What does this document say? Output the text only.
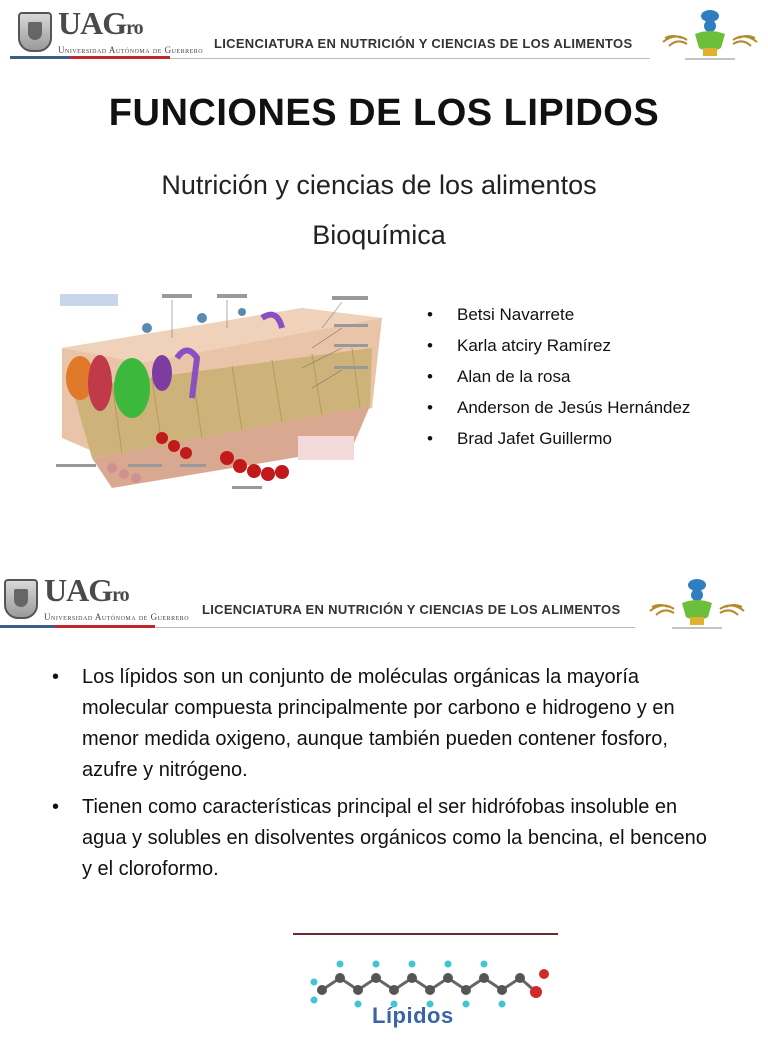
UAGro
Universidad Autónoma de Guerrero LICENCIATURA EN NUTRICIÓN Y CIENCIAS DE LOS ALIMENTOS
FUNCIONES DE LOS LIPIDOS
Nutrición y ciencias de los alimentos
Bioquímica
• Betsi Navarrete
• Karla atciry Ramírez
• Alan de la rosa
• Anderson de Jesús Hernández
• Brad Jafet Guillermo
UAGro
Universidad Autónoma de Guerrero LICENCIATURA EN NUTRICIÓN Y CIENCIAS DE LOS ALIMENTOS
• Los lípidos son un conjunto de moléculas orgánicas la mayoría molecular compuesta principalmente por carbono e hidrogeno y en menor medida oxigeno, aunque también pueden contener fosforo, azufre y nitrógeno.
• Tienen como características principal el ser hidrófobas insoluble en agua y solubles en disolventes orgánicos como la bencina, el benceno y el cloroformo.
Lípidos
